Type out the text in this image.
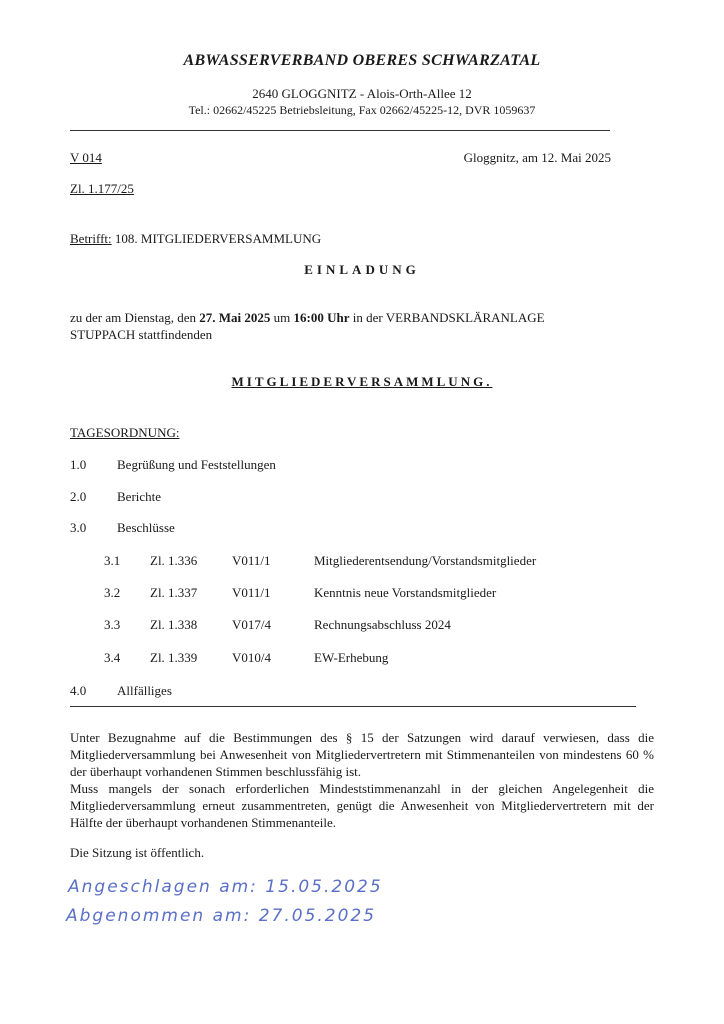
ABWASSERVERBAND OBERES SCHWARZATAL
2640 GLOGGNITZ - Alois-Orth-Allee 12
Tel.: 02662/45225 Betriebsleitung, Fax 02662/45225-12, DVR 1059637
V 014	Gloggnitz, am 12. Mai 2025
Zl. 1.177/25
Betrifft: 108. MITGLIEDERVERSAMMLUNG
EINLADUNG
zu der am Dienstag, den 27. Mai 2025 um 16:00 Uhr in der VERBANDSKLÄRANLAGE
STUPPACH stattfindenden
MITGLIEDERVERSAMMLUNG.
TAGESORDNUNG:
1.0 Begrüßung und Feststellungen
2.0 Berichte
3.0 Beschlüsse
3.1 Zl. 1.336	V011/1	Mitgliederentsendung/Vorstandsmitglieder
3.2 Zl. 1.337	V011/1	Kenntnis neue Vorstandsmitglieder
3.3 Zl. 1.338	V017/4	Rechnungsabschluss 2024
3.4 Zl. 1.339	V010/4	EW-Erhebung
4.0 Allfälliges
Unter Bezugnahme auf die Bestimmungen des § 15 der Satzungen wird darauf verwiesen, dass die Mitgliederversammlung bei Anwesenheit von Mitgliedervertretern mit Stimmenanteilen von mindestens 60 % der überhaupt vorhandenen Stimmen beschlussfähig ist.
Muss mangels der sonach erforderlichen Mindeststimmenanzahl in der gleichen Angelegenheit die Mitgliederversammlung erneut zusammentreten, genügt die Anwesenheit von Mitgliedervertretern mit der Hälfte der überhaupt vorhandenen Stimmenanteile.
Die Sitzung ist öffentlich.
Angeschlagen am: 15.05.2025
Abgenommen am: 27.05.2025
